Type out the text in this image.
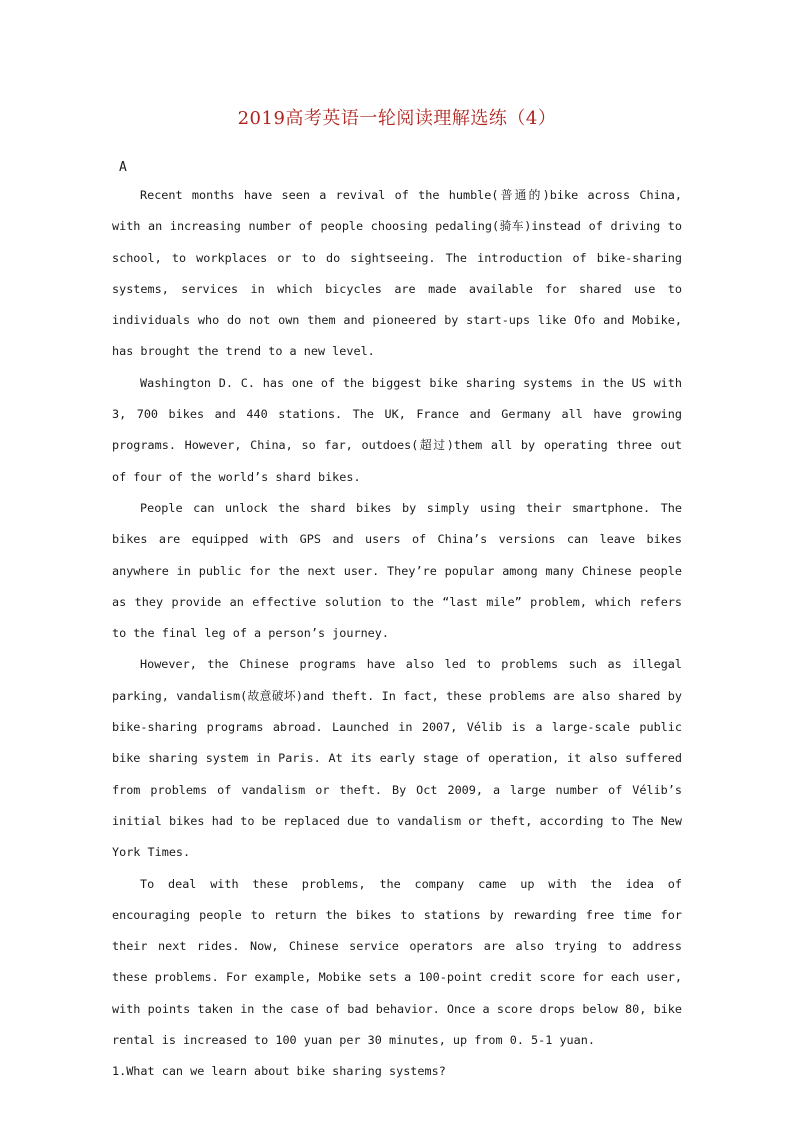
2019高考英语一轮阅读理解选练（4）

A

Recent months have seen a revival of the humble(普通的)bike across China, with an increasing number of people choosing pedaling(骑车)instead of driving to school, to workplaces or to do sightseeing. The introduction of bike-sharing systems, services in which bicycles are made available for shared use to individuals who do not own them and pioneered by start-ups like Ofo and Mobike, has brought the trend to a new level.

Washington D. C. has one of the biggest bike sharing systems in the US with 3, 700 bikes and 440 stations. The UK, France and Germany all have growing programs. However, China, so far, outdoes(超过)them all by operating three out of four of the world’s shard bikes.

People can unlock the shard bikes by simply using their smartphone. The bikes are equipped with GPS and users of China’s versions can leave bikes anywhere in public for the next user. They’re popular among many Chinese people as they provide an effective solution to the “last mile” problem, which refers to the final leg of a person’s journey.

However, the Chinese programs have also led to problems such as illegal parking, vandalism(故意破坏)and theft. In fact, these problems are also shared by bike-sharing programs abroad. Launched in 2007, Vélib is a large-scale public bike sharing system in Paris. At its early stage of operation, it also suffered from problems of vandalism or theft. By Oct 2009, a large number of Vélib’s initial bikes had to be replaced due to vandalism or theft, according to The New York Times.

To deal with these problems, the company came up with the idea of encouraging people to return the bikes to stations by rewarding free time for their next rides. Now, Chinese service operators are also trying to address these problems. For example, Mobike sets a 100-point credit score for each user, with points taken in the case of bad behavior. Once a score drops below 80, bike rental is increased to 100 yuan per 30 minutes, up from 0. 5-1 yuan.

1.What can we learn about bike sharing systems?
